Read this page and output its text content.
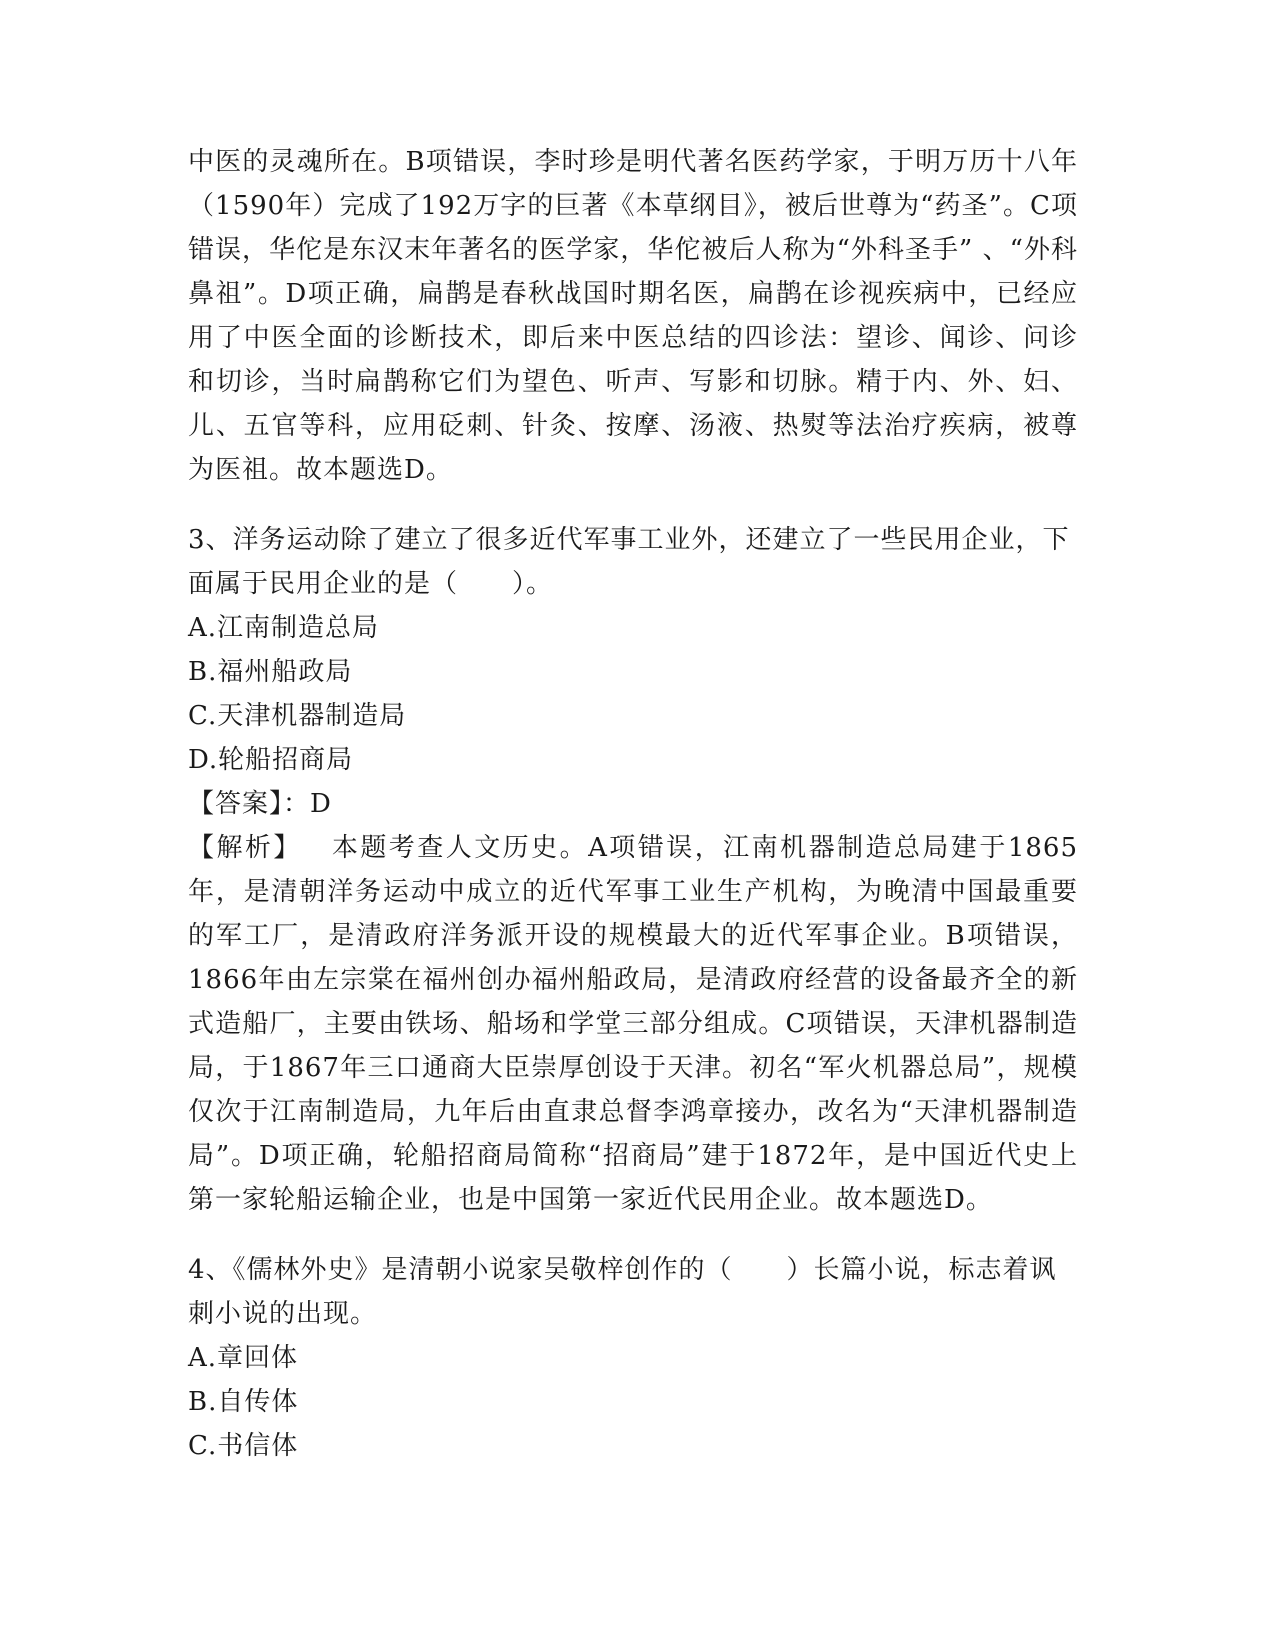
中医的灵魂所在。B项错误，李时珍是明代著名医药学家，于明万历十八年（1590年）完成了192万字的巨著《本草纲目》，被后世尊为“药圣”。C项错误，华佗是东汉末年著名的医学家，华佗被后人称为“外科圣手” 、“外科鼻祖”。D项正确，扁鹊是春秋战国时期名医，扁鹊在诊视疾病中，已经应用了中医全面的诊断技术，即后来中医总结的四诊法：望诊、闻诊、问诊和切诊，当时扁鹊称它们为望色、听声、写影和切脉。精于内、外、妇、儿、五官等科，应用砭刺、针灸、按摩、汤液、热熨等法治疗疾病，被尊为医祖。故本题选D。

3、洋务运动除了建立了很多近代军事工业外，还建立了一些民用企业，下面属于民用企业的是（　　）。

A.江南制造总局
B.福州船政局
C.天津机器制造局
D.轮船招商局

【答案】：D

【解析】 本题考查人文历史。A项错误，江南机器制造总局建于1865年，是清朝洋务运动中成立的近代军事工业生产机构，为晚清中国最重要的军工厂，是清政府洋务派开设的规模最大的近代军事企业。B项错误，1866年由左宗棠在福州创办福州船政局，是清政府经营的设备最齐全的新式造船厂，主要由铁场、船场和学堂三部分组成。C项错误，天津机器制造局，于1867年三口通商大臣崇厚创设于天津。初名“军火机器总局”，规模仅次于江南制造局，九年后由直隶总督李鸿章接办，改名为“天津机器制造局”。D项正确，轮船招商局简称“招商局”建于1872年，是中国近代史上第一家轮船运输企业，也是中国第一家近代民用企业。故本题选D。

4、《儒林外史》是清朝小说家吴敬梓创作的（　　）长篇小说，标志着讽刺小说的出现。

A.章回体
B.自传体
C.书信体
